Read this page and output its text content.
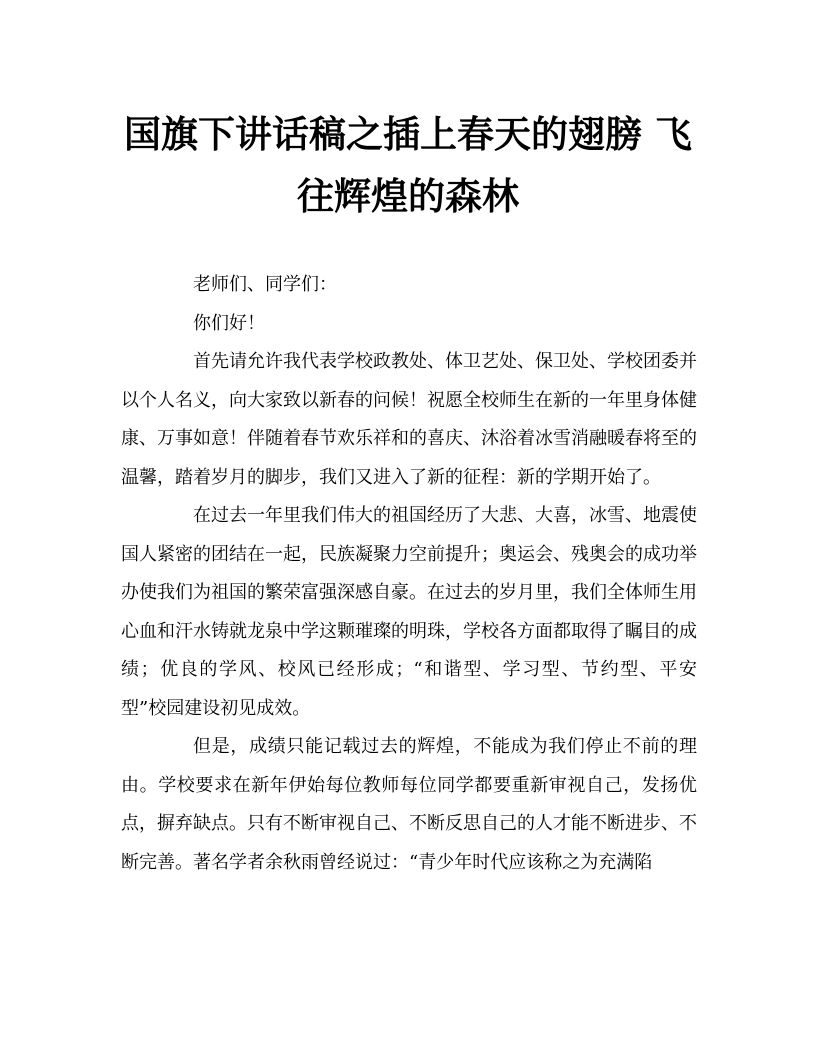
国旗下讲话稿之插上春天的翅膀 飞往辉煌的森林

老师们、同学们：

你们好！

首先请允许我代表学校政教处、体卫艺处、保卫处、学校团委并以个人名义，向大家致以新春的问候！祝愿全校师生在新的一年里身体健康、万事如意！伴随着春节欢乐祥和的喜庆、沐浴着冰雪消融暖春将至的温馨，踏着岁月的脚步，我们又进入了新的征程：新的学期开始了。

在过去一年里我们伟大的祖国经历了大悲、大喜，冰雪、地震使国人紧密的团结在一起，民族凝聚力空前提升；奥运会、残奥会的成功举办使我们为祖国的繁荣富强深感自豪。在过去的岁月里，我们全体师生用心血和汗水铸就龙泉中学这颗璀璨的明珠，学校各方面都取得了瞩目的成绩；优良的学风、校风已经形成；“和谐型、学习型、节约型、平安型”校园建设初见成效。

但是，成绩只能记载过去的辉煌，不能成为我们停止不前的理由。学校要求在新年伊始每位教师每位同学都要重新审视自己，发扬优点，摒弃缺点。只有不断审视自己、不断反思自己的人才能不断进步、不断完善。著名学者余秋雨曾经说过：“青少年时代应该称之为充满陷
